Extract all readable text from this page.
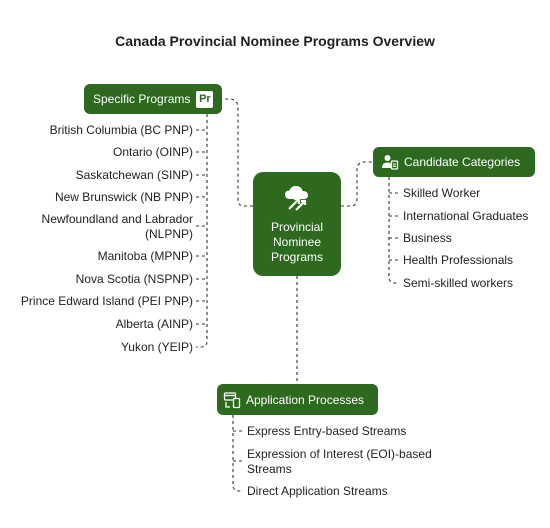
Canada Provincial Nominee Programs Overview
Provincial
Nominee
Programs
Specific Programs Pr
British Columbia (BC PNP)
Ontario (OINP)
Saskatchewan (SINP)
New Brunswick (NB PNP)
Newfoundland and Labrador
(NLPNP)
Manitoba (MPNP)
Nova Scotia (NSPNP)
Prince Edward Island (PEI PNP)
Alberta (AINP)
Yukon (YEIP)
Candidate Categories
Skilled Worker
International Graduates
Business
Health Professionals
Semi-skilled workers
Application Processes
Express Entry-based Streams
Expression of Interest (EOI)-based
Streams
Direct Application Streams
